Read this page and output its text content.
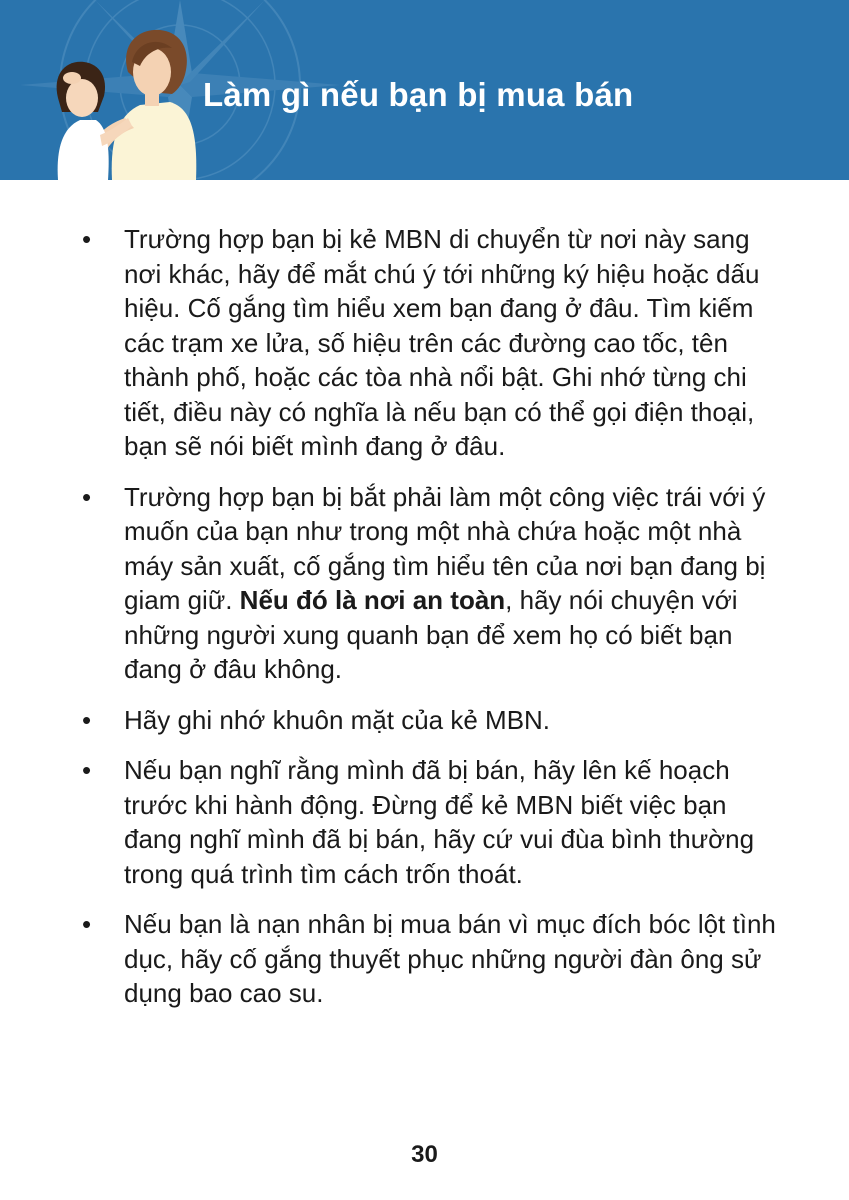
Làm gì nếu bạn bị mua bán
• Trường hợp bạn bị kẻ MBN di chuyển từ nơi này sang nơi khác, hãy để mắt chú ý tới những ký hiệu hoặc dấu hiệu. Cố gắng tìm hiểu xem bạn đang ở đâu. Tìm kiếm các trạm xe lửa, số hiệu trên các đường cao tốc, tên thành phố, hoặc các tòa nhà nổi bật. Ghi nhớ từng chi tiết, điều này có nghĩa là nếu bạn có thể gọi điện thoại, bạn sẽ nói biết mình đang ở đâu.
• Trường hợp bạn bị bắt phải làm một công việc trái với ý muốn của bạn như trong một nhà chứa hoặc một nhà máy sản xuất, cố gắng tìm hiểu tên của nơi bạn đang bị giam giữ. Nếu đó là nơi an toàn, hãy nói chuyện với những người xung quanh bạn để xem họ có biết bạn đang ở đâu không.
• Hãy ghi nhớ khuôn mặt của kẻ MBN.
• Nếu bạn nghĩ rằng mình đã bị bán, hãy lên kế hoạch trước khi hành động. Đừng để kẻ MBN biết việc bạn đang nghĩ mình đã bị bán, hãy cứ vui đùa bình thường trong quá trình tìm cách trốn thoát.
• Nếu bạn là nạn nhân bị mua bán vì mục đích bóc lột tình dục, hãy cố gắng thuyết phục những người đàn ông sử dụng bao cao su.
30
